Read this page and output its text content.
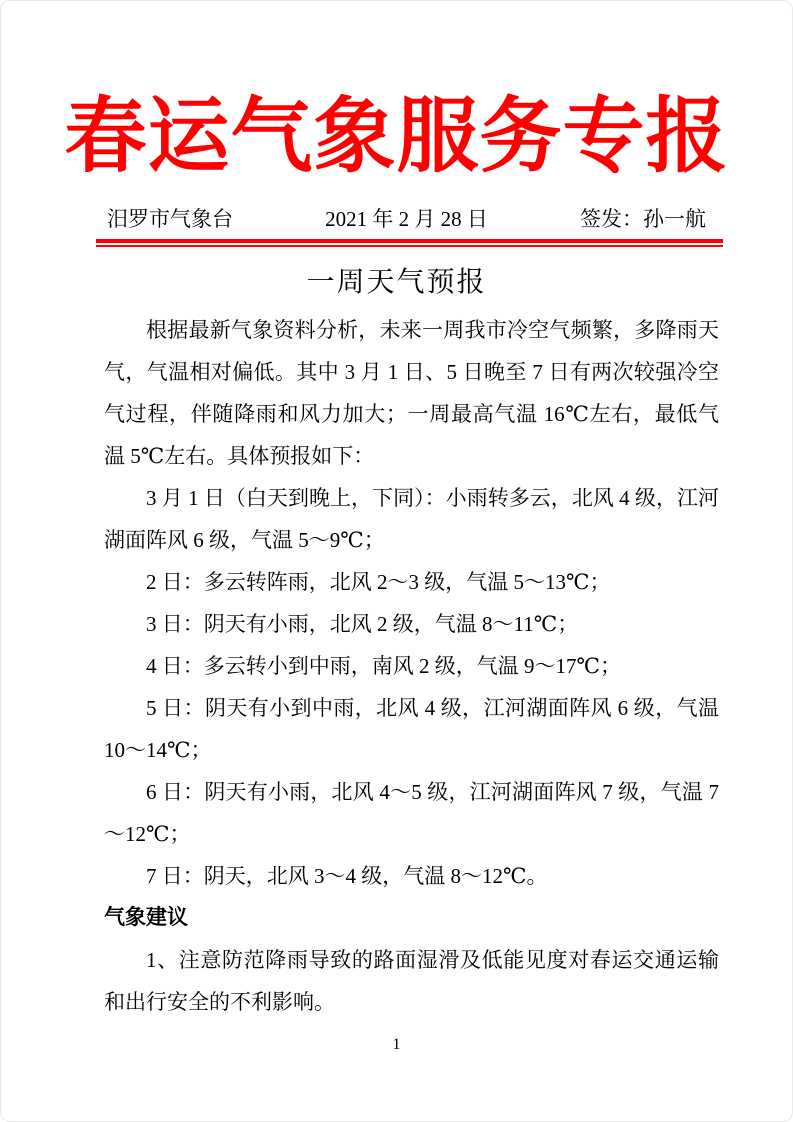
春运气象服务专报
汨罗市气象台	2021 年 2 月 28 日	签发：孙一航
一周天气预报

根据最新气象资料分析，未来一周我市冷空气频繁，多降雨天气，气温相对偏低。其中 3 月 1 日、5 日晚至 7 日有两次较强冷空气过程，伴随降雨和风力加大；一周最高气温 16℃左右，最低气温 5℃左右。具体预报如下：

3 月 1 日（白天到晚上，下同）：小雨转多云，北风 4 级，江河湖面阵风 6 级，气温 5～9℃；

2 日：多云转阵雨，北风 2～3 级，气温 5～13℃；

3 日：阴天有小雨，北风 2 级，气温 8～11℃；

4 日：多云转小到中雨，南风 2 级，气温 9～17℃；

5 日：阴天有小到中雨，北风 4 级，江河湖面阵风 6 级，气温 10～14℃；

6 日：阴天有小雨，北风 4～5 级，江河湖面阵风 7 级，气温 7～12℃；

7 日：阴天，北风 3～4 级，气温 8～12℃。

气象建议

1、注意防范降雨导致的路面湿滑及低能见度对春运交通运输和出行安全的不利影响。

1
